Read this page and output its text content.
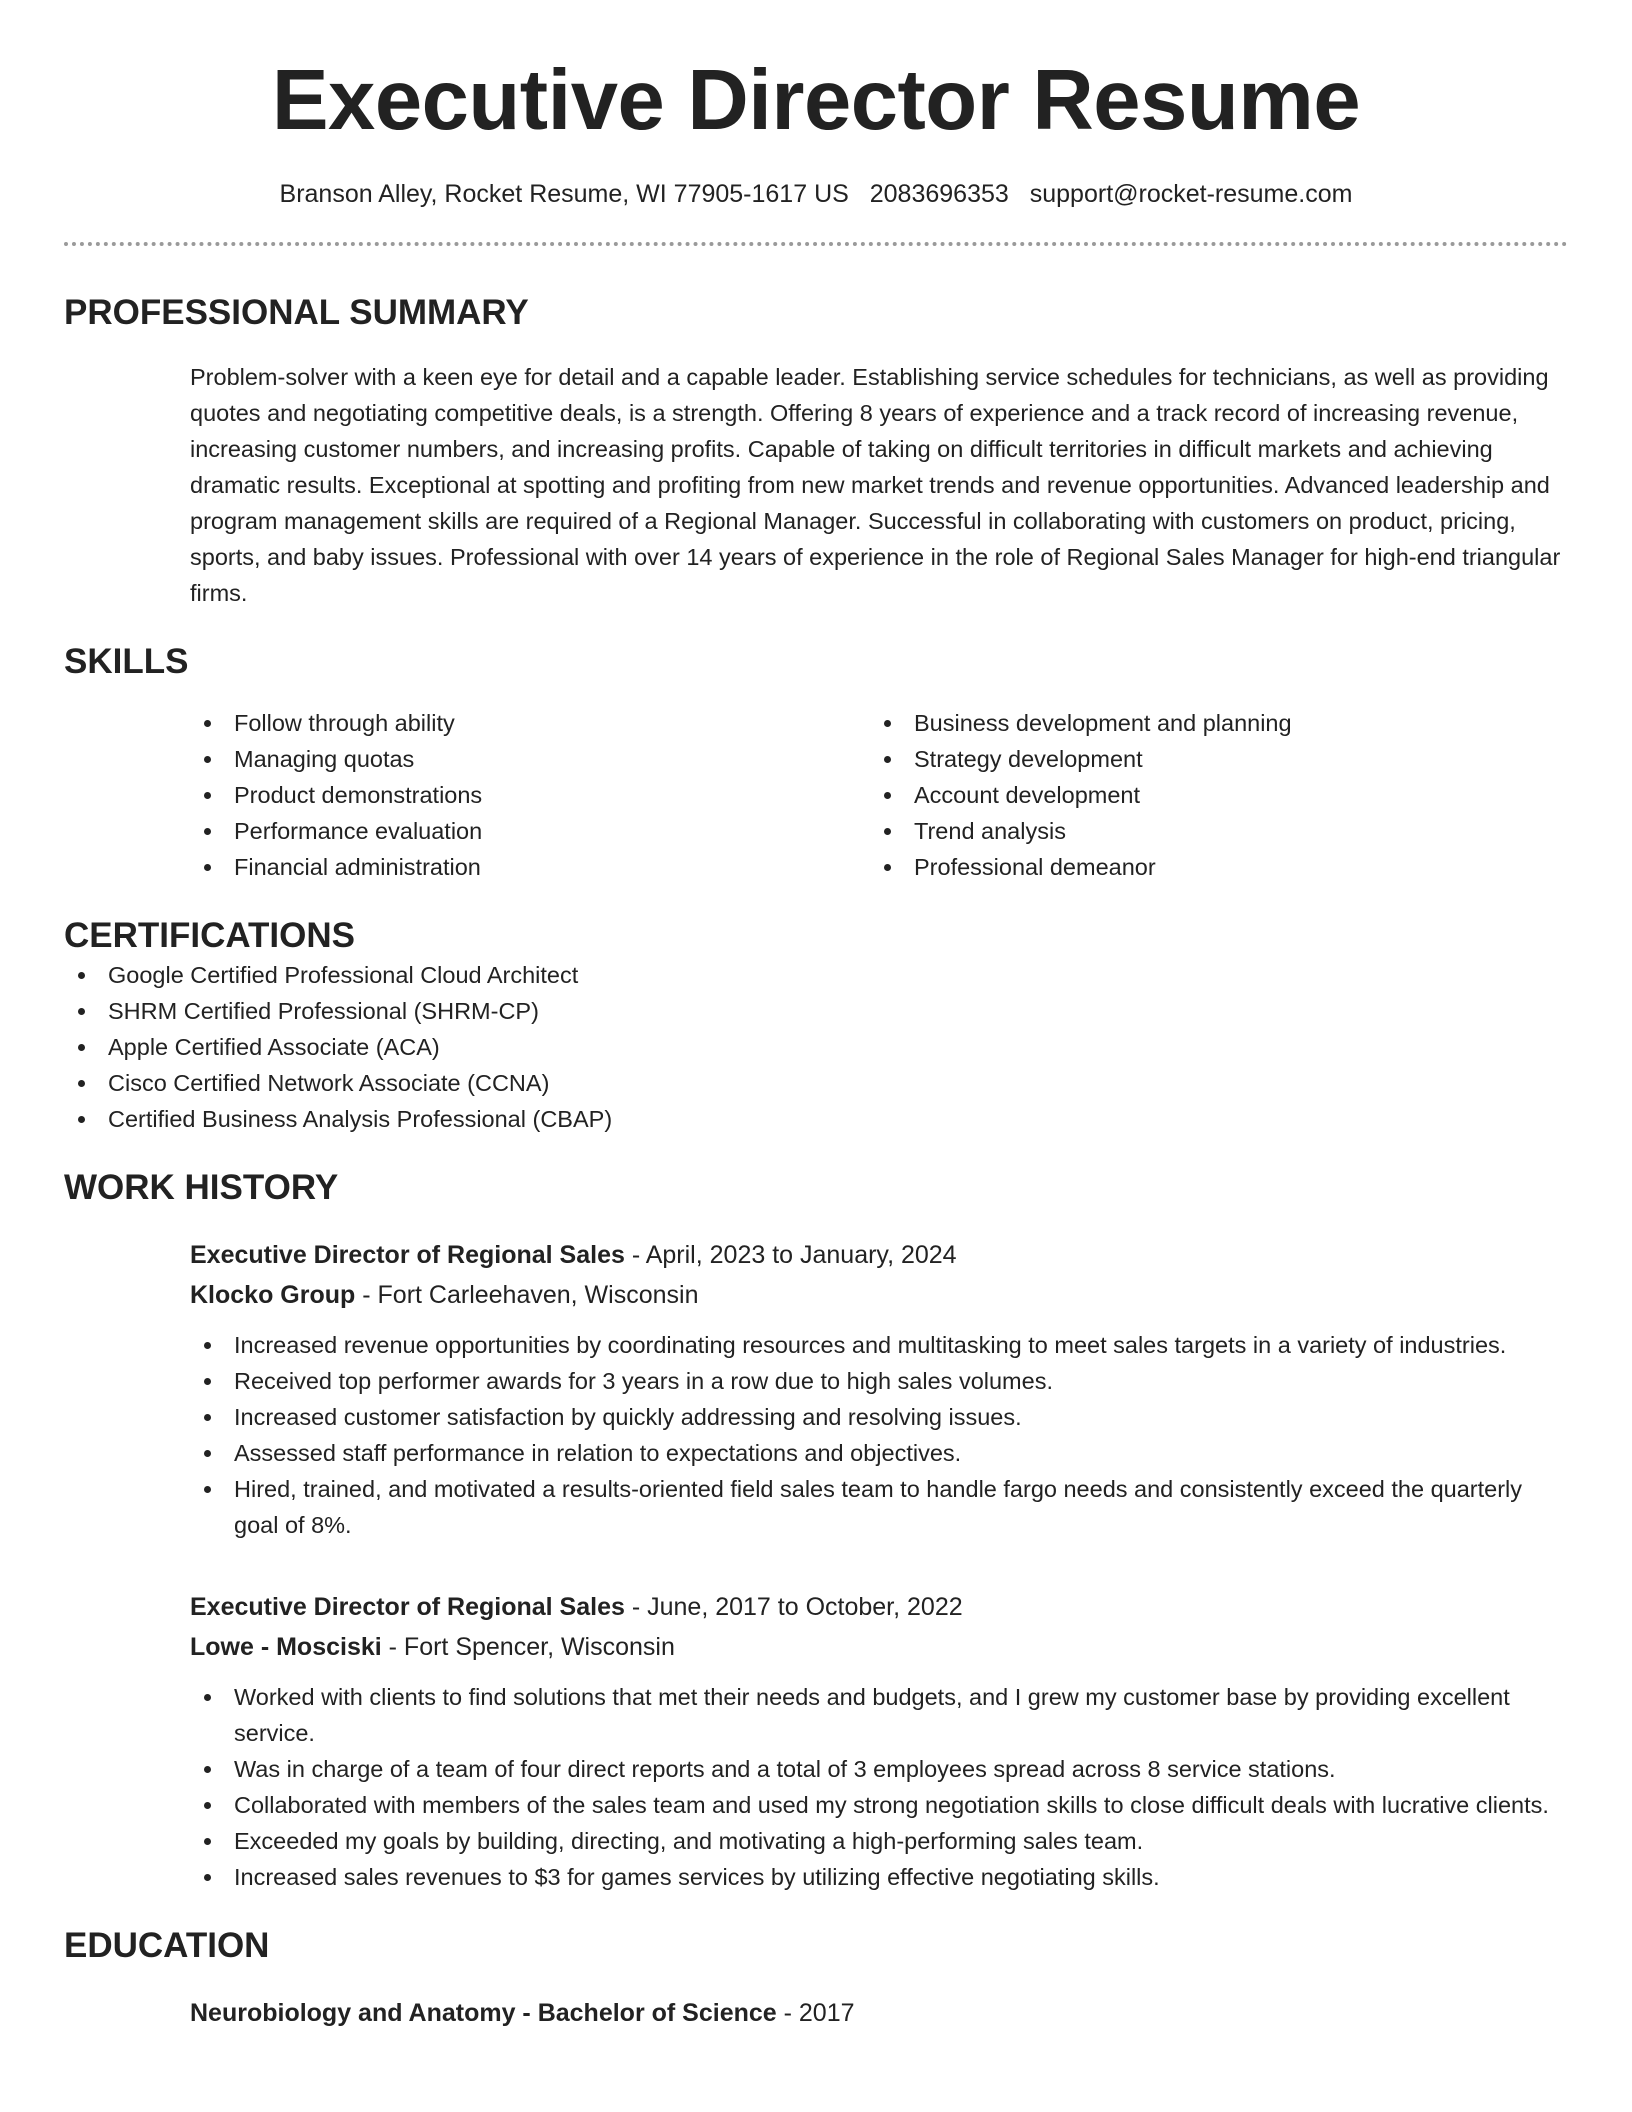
Executive Director Resume
Branson Alley, Rocket Resume, WI 77905-1617 US 2083696353 support@rocket-resume.com
PROFESSIONAL SUMMARY

Problem-solver with a keen eye for detail and a capable leader. Establishing service schedules for technicians, as well as providing quotes and negotiating competitive deals, is a strength. Offering 8 years of experience and a track record of increasing revenue, increasing customer numbers, and increasing profits. Capable of taking on difficult territories in difficult markets and achieving dramatic results. Exceptional at spotting and profiting from new market trends and revenue opportunities. Advanced leadership and program management skills are required of a Regional Manager. Successful in collaborating with customers on product, pricing, sports, and baby issues. Professional with over 14 years of experience in the role of Regional Sales Manager for high-end triangular firms.

SKILLS
Follow through ability
Managing quotas
Product demonstrations
Performance evaluation
Financial administration
Business development and planning
Strategy development
Account development
Trend analysis
Professional demeanor
CERTIFICATIONS
Google Certified Professional Cloud Architect
SHRM Certified Professional (SHRM-CP)
Apple Certified Associate (ACA)
Cisco Certified Network Associate (CCNA)
Certified Business Analysis Professional (CBAP)
WORK HISTORY
Executive Director of Regional Sales - April, 2023 to January, 2024
Klocko Group - Fort Carleehaven, Wisconsin
Increased revenue opportunities by coordinating resources and multitasking to meet sales targets in a variety of industries.
Received top performer awards for 3 years in a row due to high sales volumes.
Increased customer satisfaction by quickly addressing and resolving issues.
Assessed staff performance in relation to expectations and objectives.
Hired, trained, and motivated a results-oriented field sales team to handle fargo needs and consistently exceed the quarterly goal of 8%.
Executive Director of Regional Sales - June, 2017 to October, 2022
Lowe - Mosciski - Fort Spencer, Wisconsin
Worked with clients to find solutions that met their needs and budgets, and I grew my customer base by providing excellent service.
Was in charge of a team of four direct reports and a total of 3 employees spread across 8 service stations.
Collaborated with members of the sales team and used my strong negotiation skills to close difficult deals with lucrative clients.
Exceeded my goals by building, directing, and motivating a high-performing sales team.
Increased sales revenues to $3 for games services by utilizing effective negotiating skills.
EDUCATION
Neurobiology and Anatomy - Bachelor of Science - 2017
